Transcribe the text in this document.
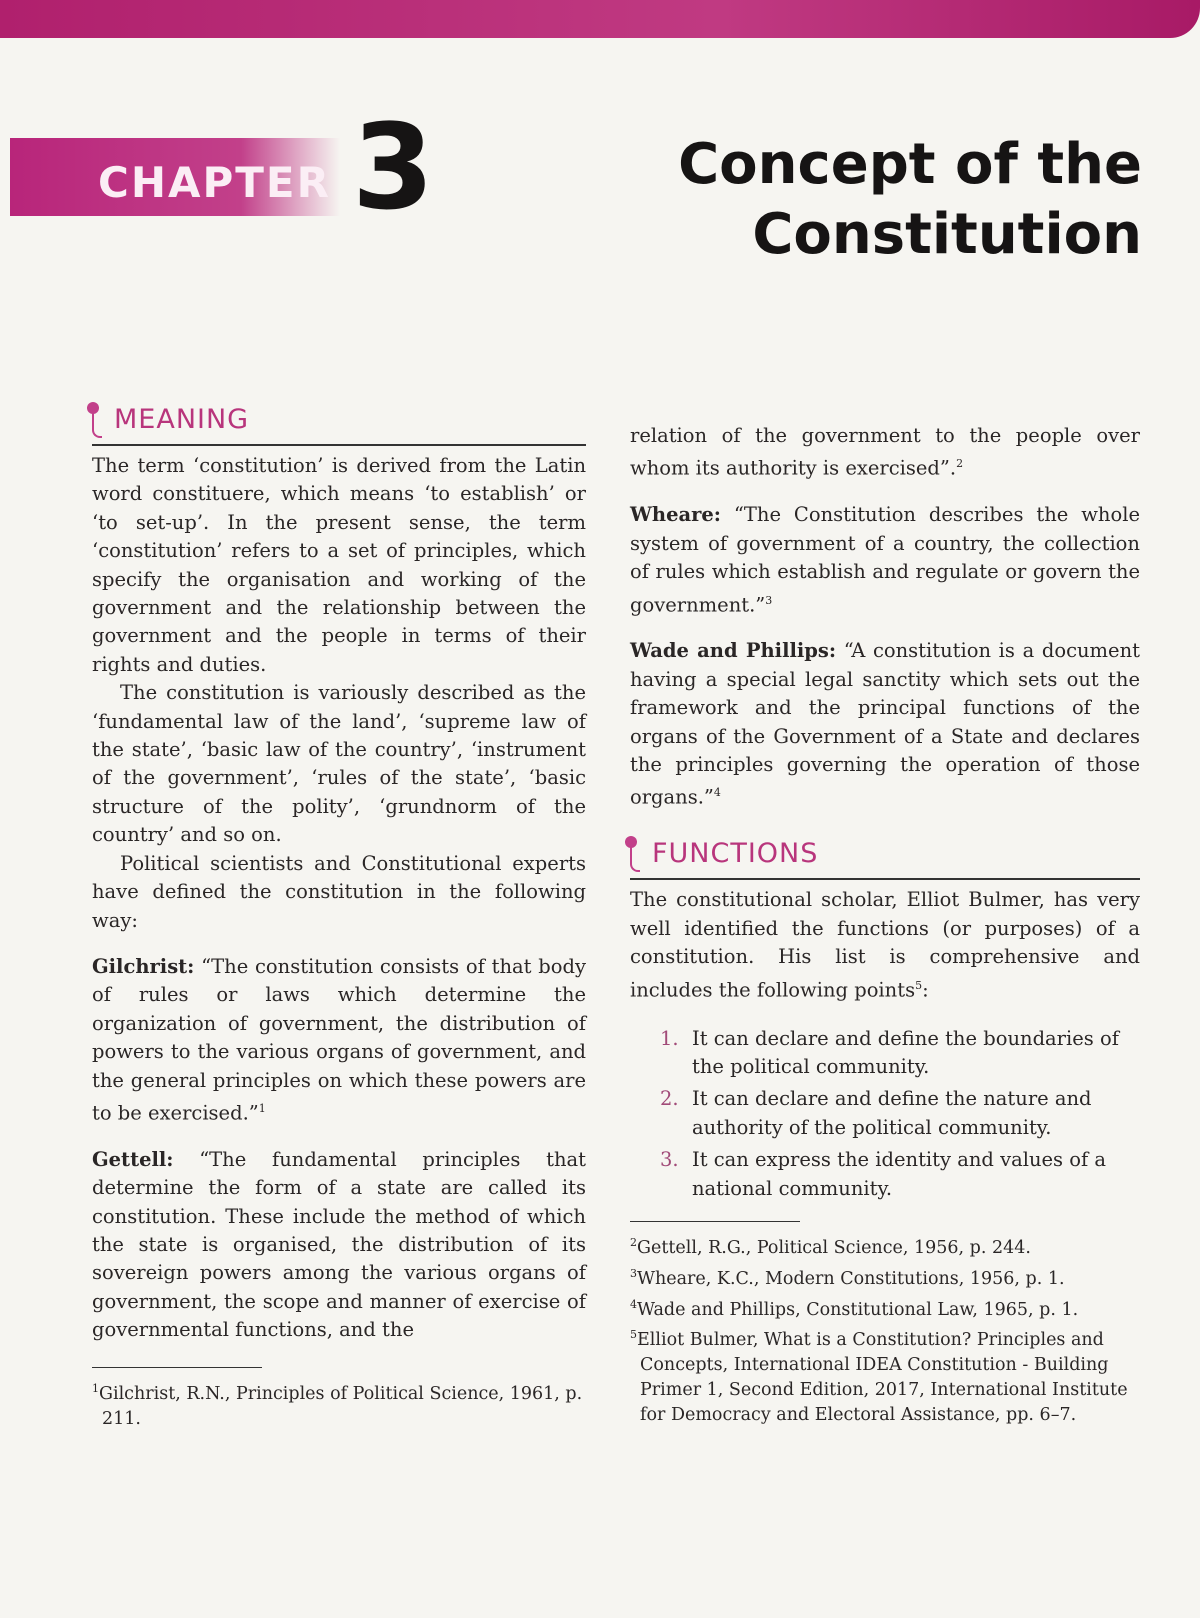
CHAPTER 3	Concept of the
Constitution
MEANING

The term ‘constitution’ is derived from the Latin word constituere, which means ‘to establish’ or ‘to set-up’. In the present sense, the term ‘constitution’ refers to a set of principles, which specify the organisation and working of the government and the relationship between the government and the people in terms of their rights and duties.

The constitution is variously described as the ‘fundamental law of the land’, ‘supreme law of the state’, ‘basic law of the country’, ‘instrument of the government’, ‘rules of the state’, ‘basic structure of the polity’, ‘grundnorm of the country’ and so on.

Political scientists and Constitutional experts have defined the constitution in the following way:

Gilchrist: “The constitution consists of that body of rules or laws which determine the organization of government, the distribution of powers to the various organs of government, and the general principles on which these powers are to be exercised.”$^1$

Gettell: “The fundamental principles that determine the form of a state are called its constitution. These include the method of which the state is organised, the distribution of its sovereign powers among the various organs of government, the scope and manner of exercise of governmental functions, and the

$^1$Gilchrist, R.N., Principles of Political Science, 1961, p. 211.

relation of the government to the people over whom its authority is exercised”.$^2$

Wheare: “The Constitution describes the whole system of government of a country, the collection of rules which establish and regulate or govern the government.”$^3$

Wade and Phillips: “A constitution is a document having a special legal sanctity which sets out the framework and the principal functions of the organs of the Government of a State and declares the principles governing the operation of those organs.”$^4$

FUNCTIONS

The constitutional scholar, Elliot Bulmer, has very well identified the functions (or purposes) of a constitution. His list is comprehensive and includes the following points$^5$:

1. It can declare and define the boundaries of the political community.
2. It can declare and define the nature and authority of the political community.
3. It can express the identity and values of a national community.

$^2$Gettell, R.G., Political Science, 1956, p. 244.

$^3$Wheare, K.C., Modern Constitutions, 1956, p. 1.

$^4$Wade and Phillips, Constitutional Law, 1965, p. 1.

$^5$Elliot Bulmer, What is a Constitution? Principles and Concepts, International IDEA Constitution - Building Primer 1, Second Edition, 2017, International Institute for Democracy and Electoral Assistance, pp. 6–7.
